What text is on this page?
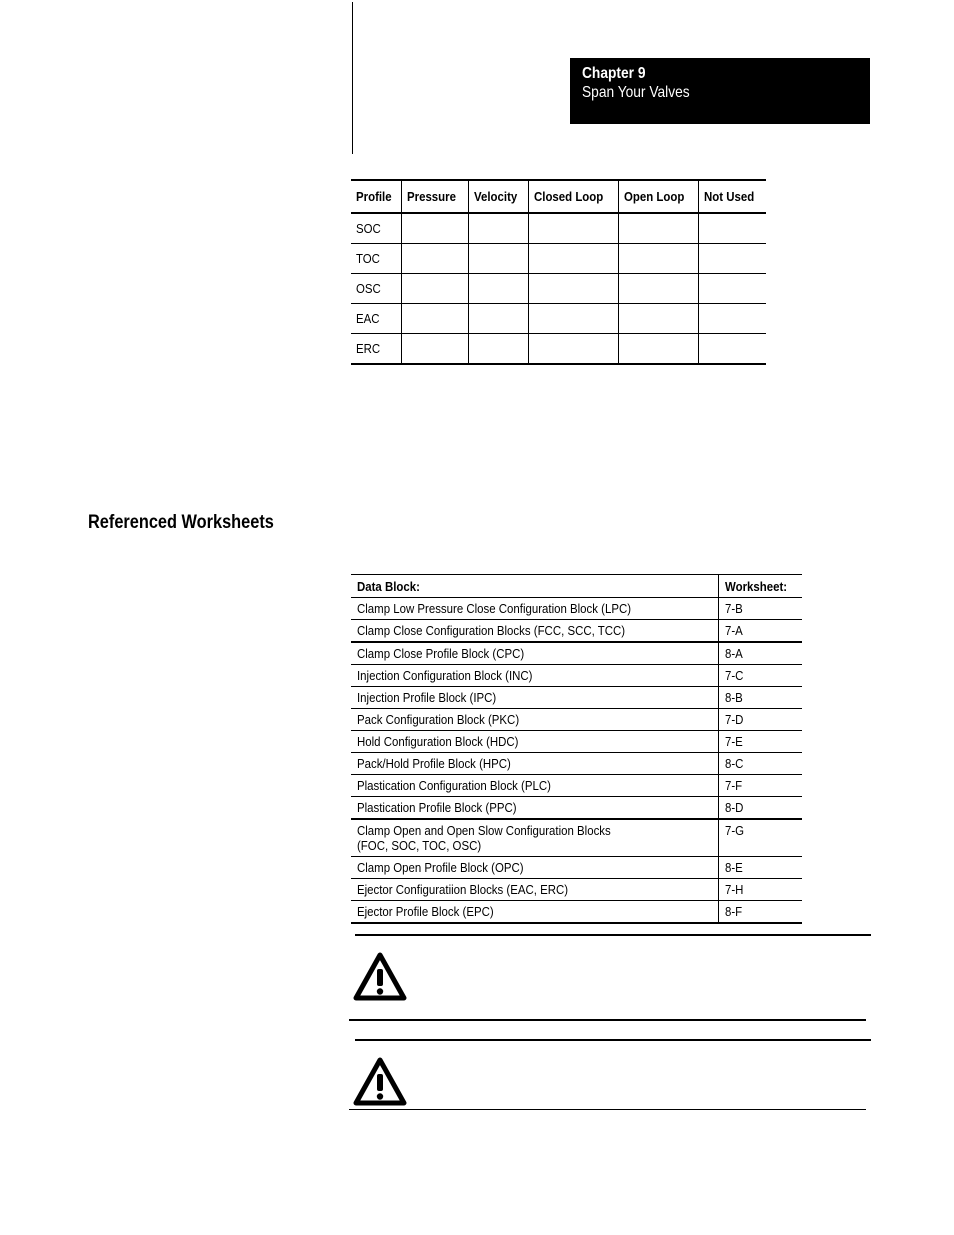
Chapter 9
Span Your Valves
Profile	Pressure	Velocity	Closed Loop	Open Loop	Not Used
SOC					
TOC					
OSC					
EAC					
ERC					
Referenced Worksheets
Data Block:	Worksheet:
Clamp Low Pressure Close Configuration Block (LPC)	7-B
Clamp Close Configuration Blocks (FCC, SCC, TCC)	7-A
Clamp Close Profile Block (CPC)	8-A
Injection Configuration Block (INC)	7-C
Injection Profile Block (IPC)	8-B
Pack Configuration Block (PKC)	7-D
Hold Configuration Block (HDC)	7-E
Pack/Hold Profile Block (HPC)	8-C
Plastication Configuration Block (PLC)	7-F
Plastication Profile Block (PPC)	8-D
Clamp Open and Open Slow Configuration Blocks
(FOC, SOC, TOC, OSC)	7-G
Clamp Open Profile Block (OPC)	8-E
Ejector Configuratiion Blocks (EAC, ERC)	7-H
Ejector Profile Block (EPC)	8-F
